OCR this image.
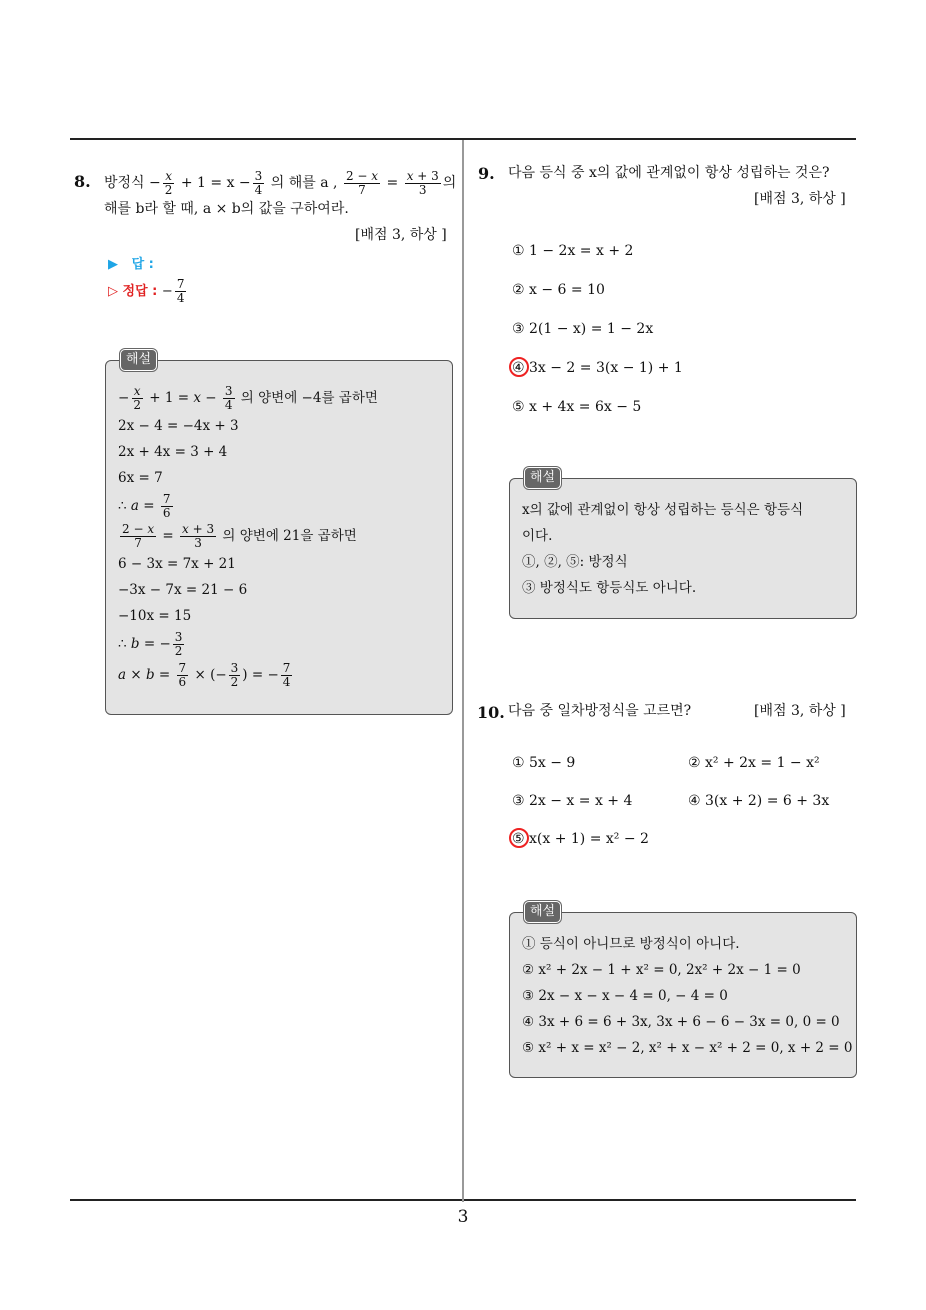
8. 방정식 − $\frac{x}{2} + 1 = x - \frac{3}{4}$ 의 해를 a , $\frac{2 - x}{7} = \frac{x + 3}{3}$ 의
해를 b라 할 때, a × b의 값을 구하여라.
[배점 3, 하상 ]
▶ 답 :
▷ 정답 : − $\frac{7}{4}$
해설
− $\frac{x}{2} + 1 = x - \frac{3}{4}$ 의 양변에 −4를 곱하면
2x − 4 = −4x + 3
2x + 4x = 3 + 4
6x = 7
∴ $a = \frac{7}{6}$
$\frac{2 - x}{7} = \frac{x + 3}{3}$ 의 양변에 21을 곱하면
6 − 3x = 7x + 21
−3x − 7x = 21 − 6
−10x = 15
∴ b = − $\frac{3}{2}$
$a \times b = \frac{7}{6}$ × (− $\frac{3}{2}$ ) = − $\frac{7}{4}$
9. 다음 등식 중 x의 값에 관계없이 항상 성립하는 것은?
[배점 3, 하상 ]
① 1 − 2x = x + 2
② x − 6 = 10
③ 2(1 − x) = 1 − 2x
④ 3x − 2 = 3(x − 1) + 1
⑤ x + 4x = 6x − 5
해설
x의 값에 관계없이 항상 성립하는 등식은 항등식
이다.
①, ②, ⑤: 방정식
③ 방정식도 항등식도 아니다.
10. 다음 중 일차방정식을 고르면?	[배점 3, 하상 ]
① 5x − 9	② x² + 2x = 1 − x²
③ 2x − x = x + 4	④ 3(x + 2) = 6 + 3x
⑤ x(x + 1) = x² − 2
해설
① 등식이 아니므로 방정식이 아니다.
② x² + 2x − 1 + x² = 0, 2x² + 2x − 1 = 0
③ 2x − x − x − 4 = 0, − 4 = 0
④ 3x + 6 = 6 + 3x, 3x + 6 − 6 − 3x = 0, 0 = 0
⑤ x² + x = x² − 2, x² + x − x² + 2 = 0, x + 2 = 0
3
